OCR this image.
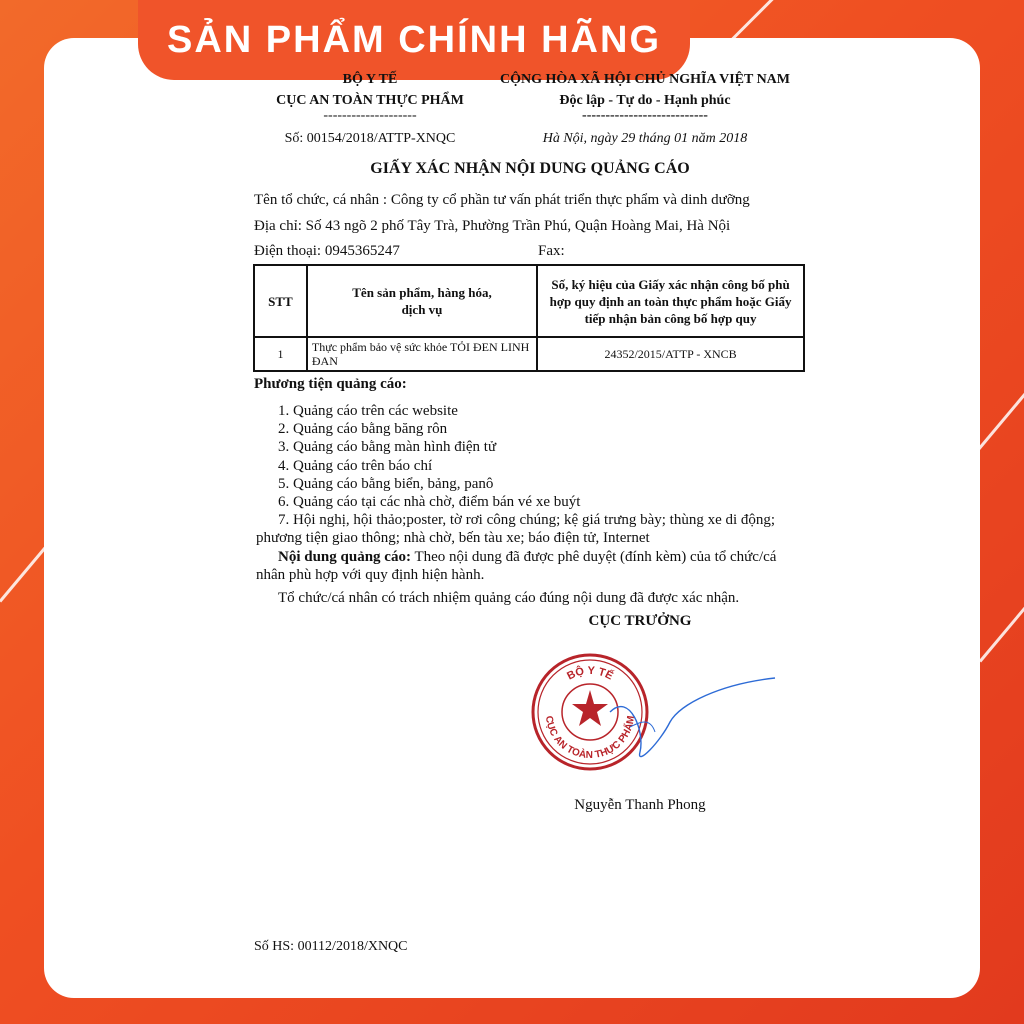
SẢN PHẨM CHÍNH HÃNG
BỘ Y TẾ
CỤC AN TOÀN THỰC PHẨM
--------------------
Số: 00154/2018/ATTP-XNQC
CỘNG HÒA XÃ HỘI CHỦ NGHĨA VIỆT NAM
Độc lập - Tự do - Hạnh phúc
---------------------------
Hà Nội, ngày 29 tháng 01 năm 2018
GIẤY XÁC NHẬN NỘI DUNG QUẢNG CÁO
Tên tổ chức, cá nhân : Công ty cổ phần tư vấn phát triển thực phẩm và dinh dưỡng
Địa chỉ: Số 43 ngõ 2 phố Tây Trà, Phường Trần Phú, Quận Hoàng Mai, Hà Nội
Điện thoại: 0945365247	Fax:
STT	Tên sản phẩm, hàng hóa, dịch vụ	Số, ký hiệu của Giấy xác nhận công bố phù hợp quy định an toàn thực phẩm hoặc Giấy tiếp nhận bản công bố hợp quy
1	Thực phẩm bảo vệ sức khỏe TỎI ĐEN LINH ĐAN	24352/2015/ATTP - XNCB
Phương tiện quảng cáo:
1. Quảng cáo trên các website
2. Quảng cáo bằng băng rôn
3. Quảng cáo bằng màn hình điện tử
4. Quảng cáo trên báo chí
5. Quảng cáo bằng biển, bảng, panô
6. Quảng cáo tại các nhà chờ, điểm bán vé xe buýt
7. Hội nghị, hội thảo;poster, tờ rơi công chúng; kệ giá trưng bày; thùng xe di động;
phương tiện giao thông; nhà chờ, bến tàu xe; báo điện tử, Internet
Nội dung quảng cáo: Theo nội dung đã được phê duyệt (đính kèm) của tổ chức/cá
nhân phù hợp với quy định hiện hành.
Tổ chức/cá nhân có trách nhiệm quảng cáo đúng nội dung đã được xác nhận.
CỤC TRƯỞNG
BỘ Y TẾ
CỤC AN TOÀN THỰC PHẨM
Nguyễn Thanh Phong
Số HS: 00112/2018/XNQC
